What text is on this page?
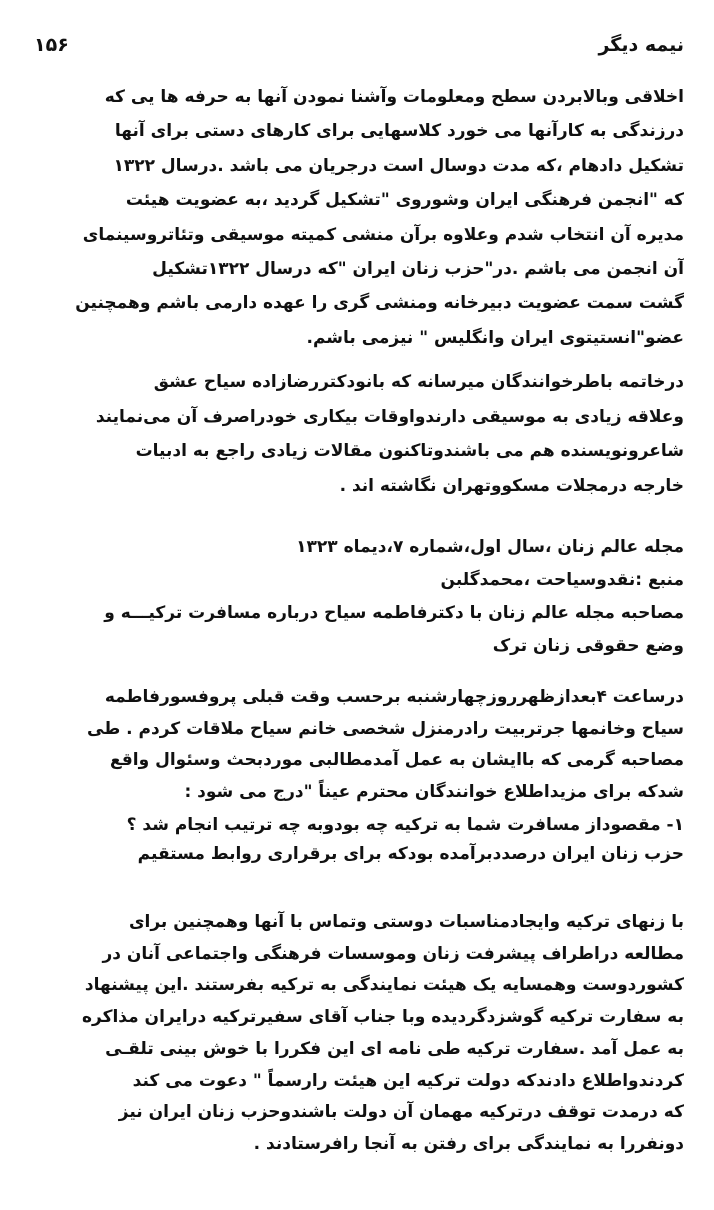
۱۵۶	نیمه دیگر
اخلاقی وبالابردن سطح ومعلومات وآشنا نمودن آنها به حرفه ها یی که
درزندگی به کارآنها می خورد کلاسهایی برای کارهای دستی برای آنها
تشکیل دادهام ،که مدت دوسال است درجریان می باشد .درسال ۱۳۲۲
که "انجمن فرهنگی ایران وشوروی "تشکیل گردید ،به عضویت هیئت
مدیره آن انتخاب شدم وعلاوه برآن منشی کمیته موسیقی وتئاتروسینمای
آن انجمن می باشم .در"حزب زنان ایران "که درسال ۱۳۲۲تشکیل
گشت سمت عضویت دبیرخانه ومنشی گری را عهده دارمی باشم وهمچنین
عضو"انستیتوی ایران وانگلیس " نیزمی باشم.
درخاتمه باطرخوانندگان میرسانه که بانودکتررضازاده سیاح عشق
وعلاقه زیادی به موسیقی دارندواوقات بیکاری خودراصرف آن می‌نمایند
شاعرونویسنده هم می باشندوتاکنون مقالات زیادی راجع به ادبیات
خارجه درمجلات مسکووتهران نگاشته اند .
مجله عالم زنان ،سال اول،شماره ۷،دیماه ۱۳۲۳
منبع :نقدوسیاحت ،محمدگلبن
مصاحبه مجله عالم زنان با دکترفاطمه سیاح درباره مسافرت ترکیـــه و
وضع حقوقی زنان ترک
درساعت ۴بعدازظهرروزچهارشنبه برحسب وقت قبلی پروفسورفاطمه
سیاح وخانمها جرتربیت رادرمنزل شخصی خانم سیاح ملاقات کردم . طی
مصاحبه گرمی که باایشان به عمل آمدمطالبی موردبحث وسئوال واقع
شدکه برای مزیداطلاع خوانندگان محترم عیناً "درج می شود :
۱- مقصوداز مسافرت شما به ترکیه چه بودوبه چه ترتیب انجام شد ؟
حزب زنان ایران درصددبرآمده بودکه برای برقراری روابط مستقیم
با زنهای ترکیه وایجادمناسبات دوستی وتماس با آنها وهمچنین برای
مطالعه دراطراف پیشرفت زنان وموسسات فرهنگی واجتماعی آنان در
کشوردوست وهمسایه یک هیئت نمایندگی به ترکیه بفرستند .این پیشنهاد
به سفارت ترکیه گوشزدگردیده وبا جناب آقای سفیرترکیه درایران مذاکره
به عمل آمد .سفارت ترکیه طی نامه ای این فکررا با خوش بینی تلقـی
کردندواطلاع دادندکه دولت ترکیه این هیئت رارسماً " دعوت می کند
که درمدت توقف درترکیه مهمان آن دولت باشندوحزب زنان ایران نیز
دونفررا به نمایندگی برای رفتن به آنجا رافرستادند .
